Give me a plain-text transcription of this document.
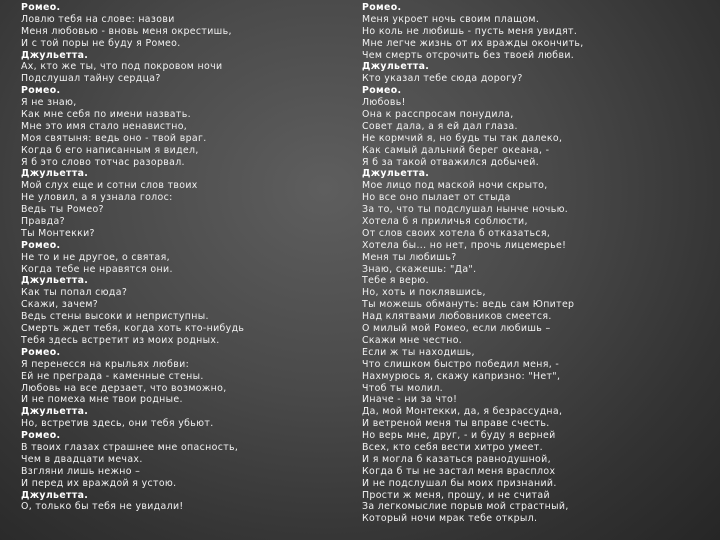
Ромео.
Ловлю тебя на слове: назови
Меня любовью - вновь меня окрестишь,
И с той поры не буду я Ромео.
Джульетта.
Ах, кто же ты, что под покровом ночи
Подслушал тайну сердца?
Ромео.
Я не знаю,
Как мне себя по имени назвать.
Мне это имя стало ненавистно,
Моя святыня: ведь оно - твой враг.
Когда б его написанным я видел,
Я б это слово тотчас разорвал.
Джульетта.
Мой слух еще и сотни слов твоих
Не уловил, а я узнала голос:
Ведь ты Ромео?
Правда?
Ты Монтекки?
Ромео.
Не то и не другое, о святая,
Когда тебе не нравятся они.
Джульетта.
Как ты попал сюда?
Скажи, зачем?
Ведь стены высоки и неприступны.
Смерть ждет тебя, когда хоть кто-нибудь
Тебя здесь встретит из моих родных.
Ромео.
Я перенесся на крыльях любви:
Ей не преграда - каменные стены.
Любовь на все дерзает, что возможно,
И не помеха мне твои родные.
Джульетта.
Но, встретив здесь, они тебя убьют.
Ромео.
В твоих глазах страшнее мне опасность,
Чем в двадцати мечах.
Взгляни лишь нежно –
И перед их враждой я устою.
Джульетта.
О, только бы тебя не увидали!
Ромео.
Меня укроет ночь своим плащом.
Но коль не любишь - пусть меня увидят.
Мне легче жизнь от их вражды окончить,
Чем смерть отсрочить без твоей любви.
Джульетта.
Кто указал тебе сюда дорогу?
Ромео.
Любовь!
Она к расспросам понудила,
Совет дала, а я ей дал глаза.
Не кормчий я, но будь ты так далеко,
Как самый дальний берег океана, -
Я б за такой отважился добычей.
Джульетта.
Мое лицо под маской ночи скрыто,
Но все оно пылает от стыда
За то, что ты подслушал нынче ночью.
Хотела б я приличья соблюсти,
От слов своих хотела б отказаться,
Хотела бы... но нет, прочь лицемерье!
Меня ты любишь?
Знаю, скажешь: "Да".
Тебе я верю.
Но, хоть и поклявшись,
Ты можешь обмануть: ведь сам Юпитер
Над клятвами любовников смеется.
О милый мой Ромео, если любишь –
Скажи мне честно.
Если ж ты находишь,
Что слишком быстро победил меня, -
Нахмурюсь я, скажу капризно: "Нет",
Чтоб ты молил.
Иначе - ни за что!
Да, мой Монтекки, да, я безрассудна,
И ветреной меня ты вправе счесть.
Но верь мне, друг, - и буду я верней
Всех, кто себя вести хитро умеет.
И я могла б казаться равнодушной,
Когда б ты не застал меня врасплох
И не подслушал бы моих признаний.
Прости ж меня, прошу, и не считай
За легкомыслие порыв мой страстный,
Который ночи мрак тебе открыл.
